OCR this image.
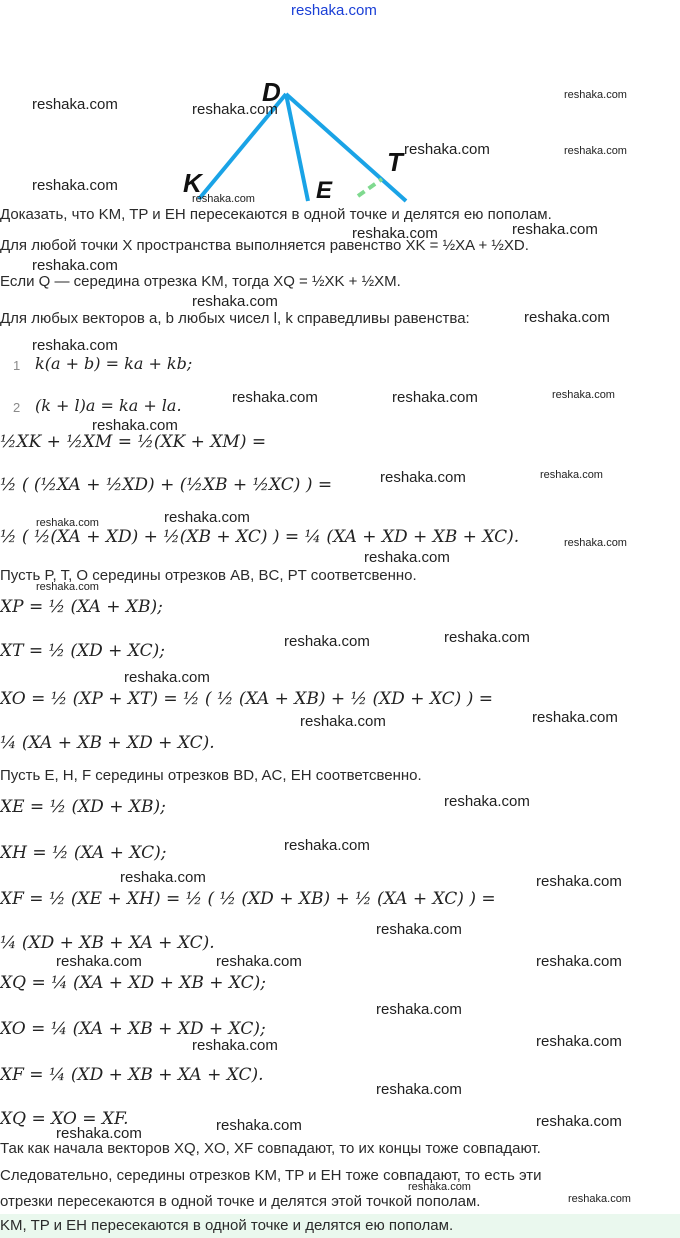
reshaka.com
D
K	E
T
reshaka.com	reshaka.com
reshaka.com
reshaka.com	reshaka.com
reshaka.com
reshaka.com
reshaka.com	reshaka.com
reshaka.com
reshaka.com
reshaka.com
reshaka.com
reshaka.com	reshaka.com	reshaka.com
reshaka.com
reshaka.com	reshaka.com
reshaka.com	reshaka.com
reshaka.com
reshaka.com
reshaka.com
reshaka.com	reshaka.com
reshaka.com
reshaka.com	reshaka.com
reshaka.com
reshaka.com
reshaka.com	reshaka.com
reshaka.com
reshaka.com	reshaka.com	reshaka.com
reshaka.com
reshaka.com	reshaka.com
reshaka.com
reshaka.com	reshaka.com
reshaka.com
reshaka.com
reshaka.com
Доказать, что KM, TP и EH пересекаются в одной точке и делятся ею пополам.
Для любой точки X пространства выполняется равенство XK = ½XA + ½XD.
Если Q — середина отрезка KM, тогда XQ = ½XK + ½XM.
Для любых векторов a, b любых чисел l, k справедливы равенства:
1 k(a + b) = ka + kb;
2 (k + l)a = ka + la.
½XK + ½XM = ½(XK + XM) =
½ ( (½XA + ½XD) + (½XB + ½XC) ) =
½ ( ½(XA + XD) + ½(XB + XC) ) = ¼ (XA + XD + XB + XC).
Пусть P, T, O середины отрезков AB, BC, PT соответсвенно.
XP = ½ (XA + XB);
XT = ½ (XD + XC);
XO = ½ (XP + XT) = ½ ( ½ (XA + XB) + ½ (XD + XC) ) =
¼ (XA + XB + XD + XC).
Пусть E, H, F середины отрезков BD, AC, EH соответсвенно.
XE = ½ (XD + XB);
XH = ½ (XA + XC);
XF = ½ (XE + XH) = ½ ( ½ (XD + XB) + ½ (XA + XC) ) =
¼ (XD + XB + XA + XC).
XQ = ¼ (XA + XD + XB + XC);
XO = ¼ (XA + XB + XD + XC);
XF = ¼ (XD + XB + XA + XC).
XQ = XO = XF.
Так как начала векторов XQ, XO, XF совпадают, то их концы тоже совпадают.
Следовательно, середины отрезков KM, TP и EH тоже совпадают, то есть эти
отрезки пересекаются в одной точке и делятся этой точкой пополам.
KM, TP и EH пересекаются в одной точке и делятся ею пополам.
